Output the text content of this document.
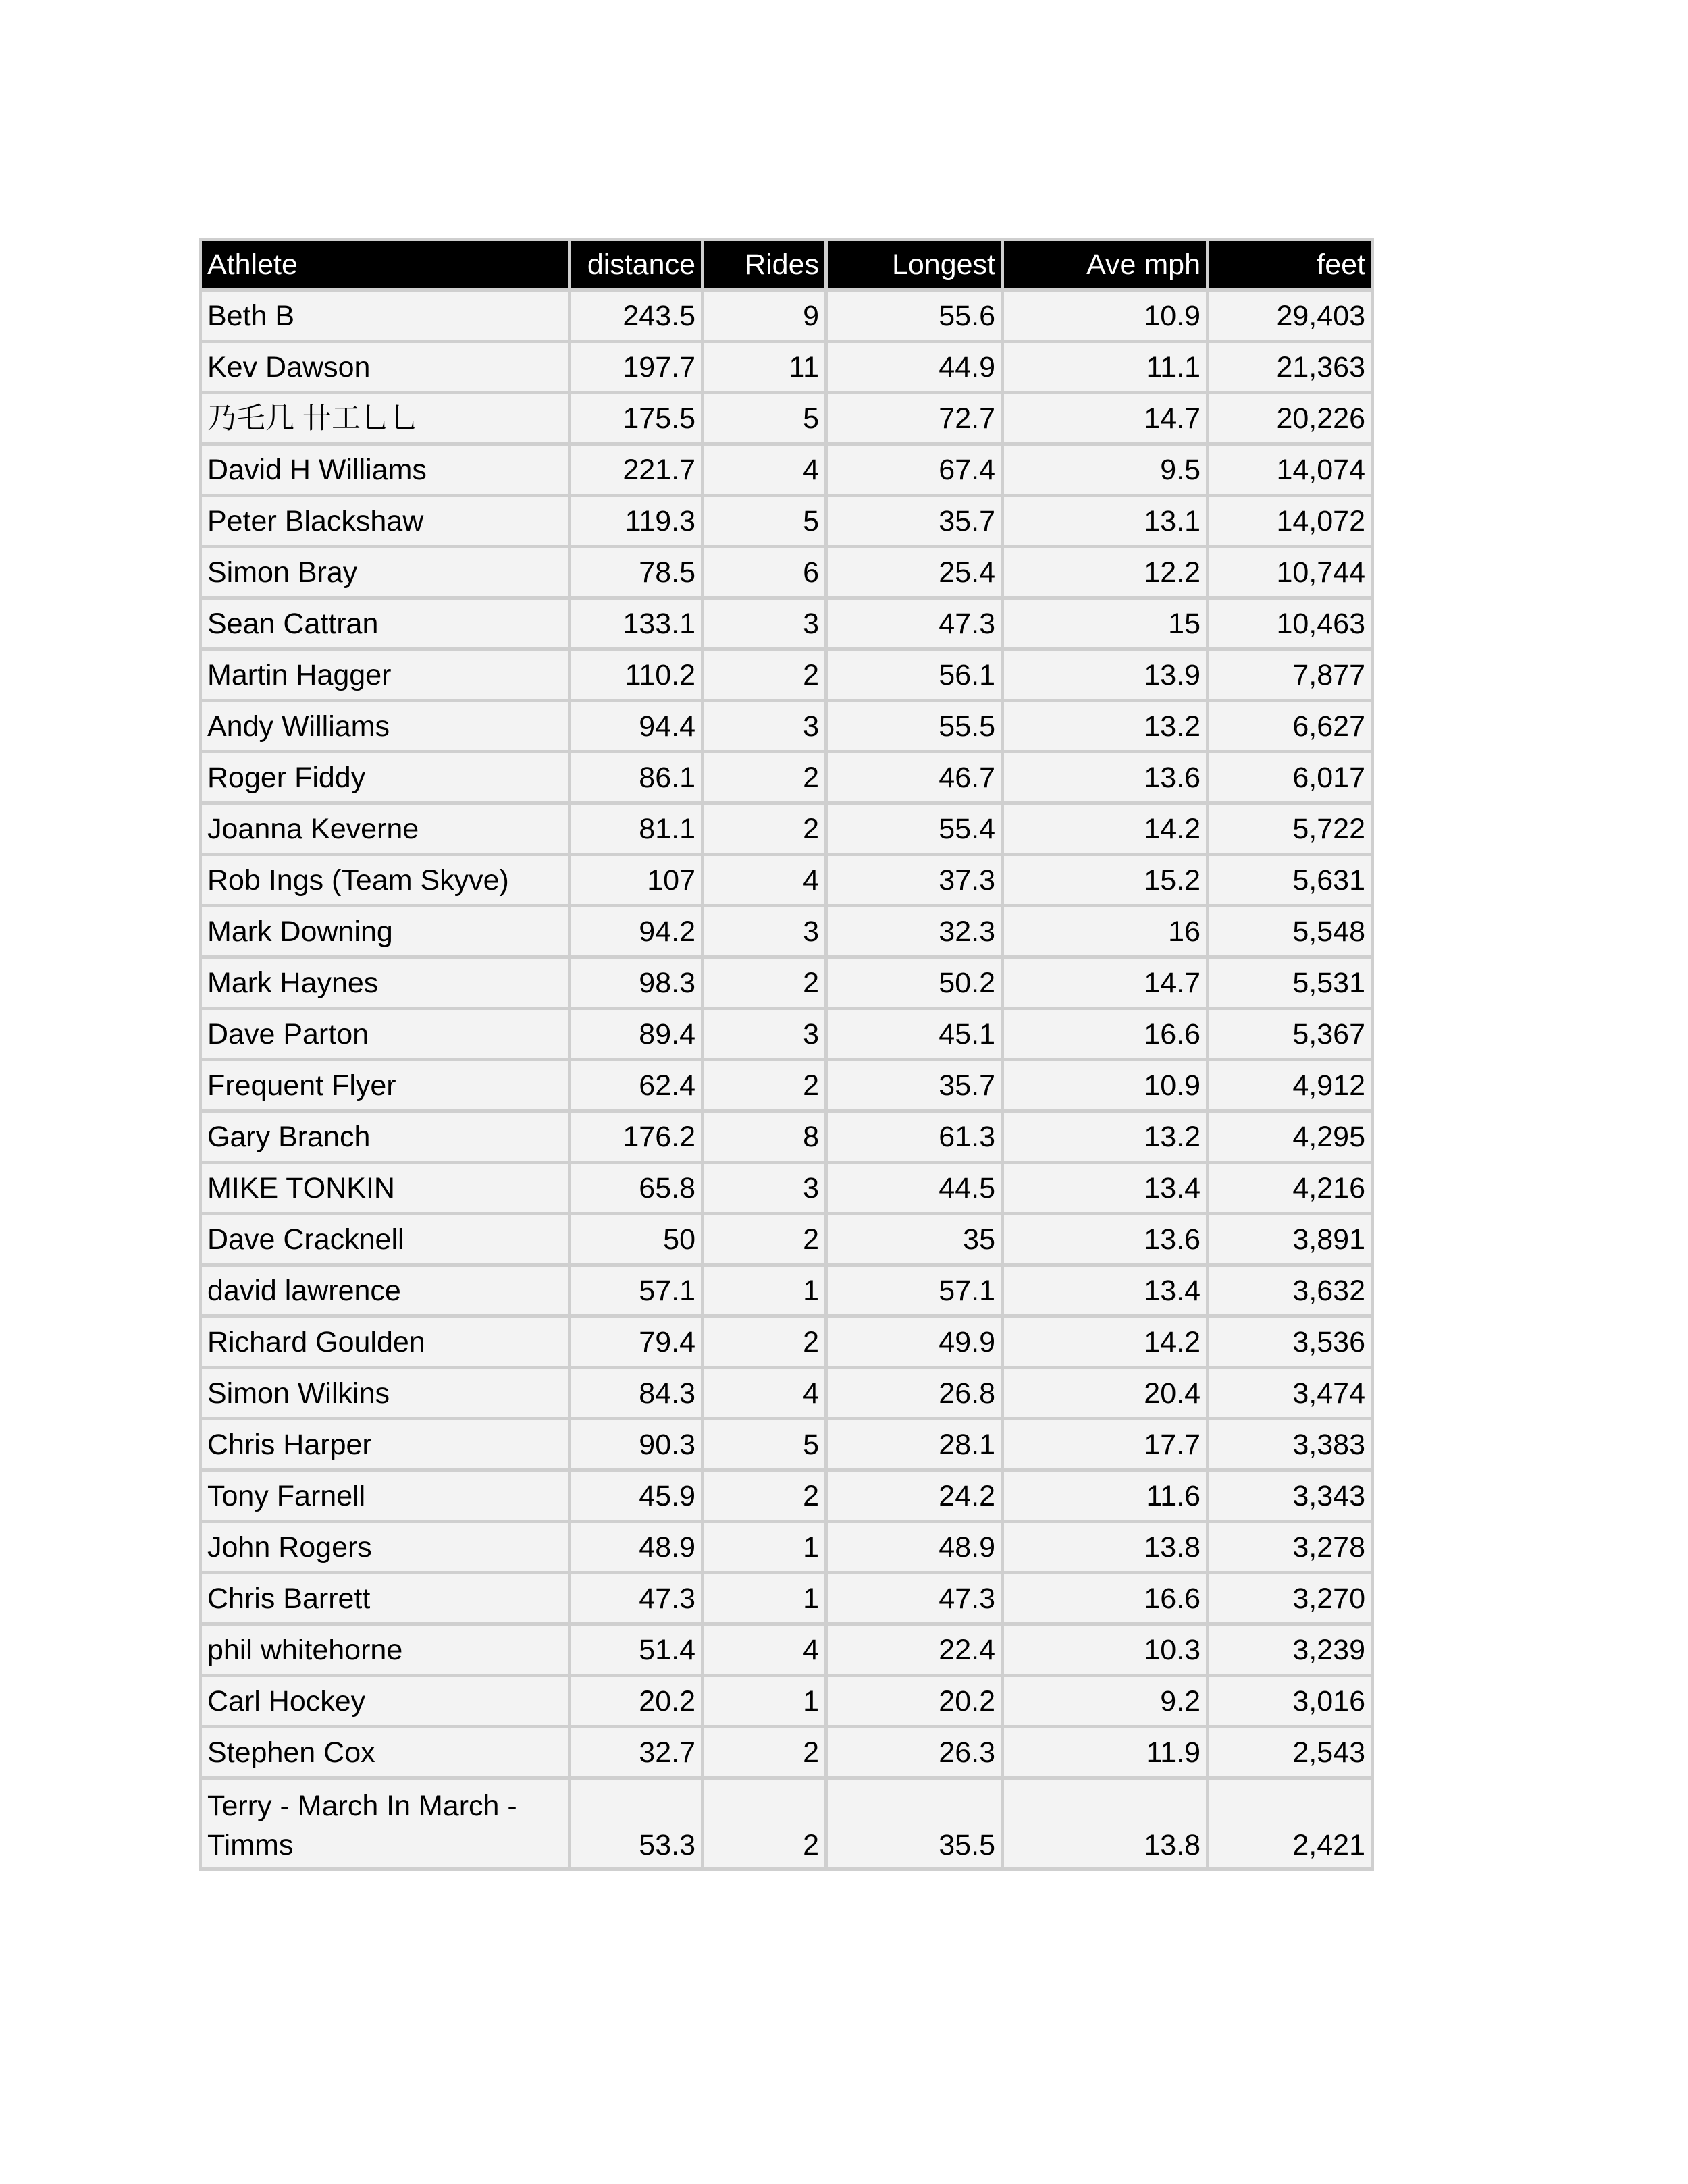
Athlete	distance	Rides	Longest	Ave mph	feet
Beth B	243.5	9	55.6	10.9	29,403
Kev Dawson	197.7	11	44.9	11.1	21,363
乃乇几 卄工乚乚	175.5	5	72.7	14.7	20,226
David H Williams	221.7	4	67.4	9.5	14,074
Peter Blackshaw	119.3	5	35.7	13.1	14,072
Simon Bray	78.5	6	25.4	12.2	10,744
Sean Cattran	133.1	3	47.3	15	10,463
Martin Hagger	110.2	2	56.1	13.9	7,877
Andy Williams	94.4	3	55.5	13.2	6,627
Roger Fiddy	86.1	2	46.7	13.6	6,017
Joanna Keverne	81.1	2	55.4	14.2	5,722
Rob Ings (Team Skyve)	107	4	37.3	15.2	5,631
Mark Downing	94.2	3	32.3	16	5,548
Mark Haynes	98.3	2	50.2	14.7	5,531
Dave Parton	89.4	3	45.1	16.6	5,367
Frequent Flyer	62.4	2	35.7	10.9	4,912
Gary Branch	176.2	8	61.3	13.2	4,295
MIKE TONKIN	65.8	3	44.5	13.4	4,216
Dave Cracknell	50	2	35	13.6	3,891
david lawrence	57.1	1	57.1	13.4	3,632
Richard Goulden	79.4	2	49.9	14.2	3,536
Simon Wilkins	84.3	4	26.8	20.4	3,474
Chris Harper	90.3	5	28.1	17.7	3,383
Tony Farnell	45.9	2	24.2	11.6	3,343
John Rogers	48.9	1	48.9	13.8	3,278
Chris Barrett	47.3	1	47.3	16.6	3,270
phil whitehorne	51.4	4	22.4	10.3	3,239
Carl Hockey	20.2	1	20.2	9.2	3,016
Stephen Cox	32.7	2	26.3	11.9	2,543
Terry - March In March - Timms	53.3	2	35.5	13.8	2,421
